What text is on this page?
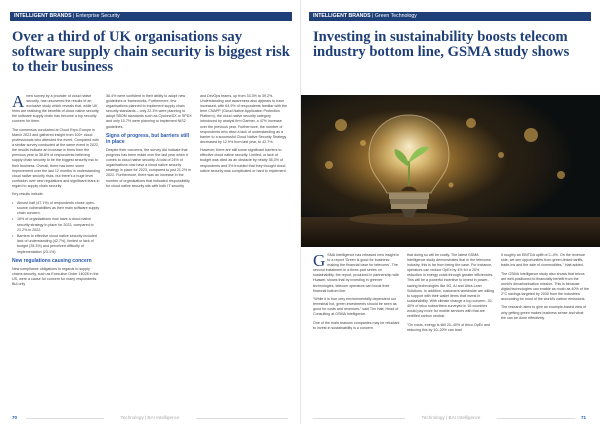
INTELLIGENT BRANDS | Enterprise Security
Over a third of UK organisations say software supply chain security is biggest risk to their business

Anew survey by a provider of cloud native security, has uncovered the results of an exclusive study which reveals that, while UK firms are realising the benefits of cloud native security, the software supply chain has become a top security concern for them.

The consensus conducted at Cloud Expo Europe in March 2023 and gathered insight from 100+ cloud professionals who attended the event. Compared with a similar survey conducted at the same event in 2022, the results indicate an increase in firms from the previous year to 36.8% of respondents believing supply chain security to be the biggest security risk to their business. Overall, there has been some improvement over the last 12 months in understanding cloud native security risks, but there's a huge level confusion over new regulations and significant fears in regard to supply chain security.

Key results include:

• Almost half (47.1%) of respondents chose open-source vulnerabilities as their main software supply chain concern.
• 16% of organisations now have a cloud native security strategy in place for 2023, compared to 21.2% in 2022.
• Barriers to effective cloud native security included lack of understanding (42.7%), limited or lack of budget (35.3%) and perceived difficulty of implementation (23.1%).
New regulations causing concern

New compliance obligations in regards to supply chains security, such as Executive Order 14028 in the US, were a cause for concern for many respondents. But only

36.4% were confident in their ability to adopt new guidelines or frameworks. Furthermore, few organisations planned to implement supply chain security standards – only 22.3% were planning to adopt SBOM standards such as CycloneDX or SPDX and only 10.7% were planning to implement NIS2 guidelines.

Signs of progress, but barriers still in place

Despite their concerns, the survey did indicate that progress has been made over the last year when it comes to cloud native security. A total of 24% of organisations now have a cloud native security strategy in place for 2023, compared to just 21.2% in 2022. Furthermore, there was an increase in the number of organisations that indicated responsibility for cloud native security sits with both IT security

and DevOps teams, up from 33.3% to 39.2%. Understanding and awareness also appears to have increased, with 64.9% of respondents familiar with the term CNAPP (Cloud Native Application Protection Platform), the cloud native security category introduced by analyst firm Gartner, a 47% increase over the previous year. Furthermore, the number of respondents who cited a lack of understanding as a barrier to a successful Cloud Native Security Strategy decreased by 12.9% from last year, to 42.7%.

However, there are still some significant barriers to effective cloud native security. Limited, or lack of budget was cited as an obstacle by nearly 35.3% of respondents and 3% troubled that they thought cloud native security was complicated or hard to implement.

70	Technology | BAI Intelligence
INTELLIGENT BRANDS | Green Technology
Investing in sustainability boosts telecom industry bottom line, GSMA study shows

GSMA Intelligence has released new insight in to a report 'Green is good for business: making the financial case for telecoms'. The second instalment in a three-part series on sustainability, the report, produced in partnership with Huawei, shows that by investing in greener technologies, telecom operators can boost their financial bottom line.

"While it is true very environmentally dependent our terrestrial hot, green investments should be seen as good for costs and revenues," said Tim Hatt, Head of Consulting at GSMA Intelligence.

One of the main reasons companies may be reluctant to invest in sustainability is a concern

that doing so will be costly. The latest GSMA Intelligence study demonstrates that in the telecoms industry, this is far from being the case. For instance, operators can reduce OpEx by 4% for a 20% reduction in energy costs through greater efficiencies. This will be a powerful incentive to invest in power-saving technologies like 5G, AI and Ultra-Lean Solutions. In addition, customers worldwide are willing to support with their wallet items that invest in sustainability. With climate change a top concern, 32-40% of telco subscribers surveyed in 16 countries would pay more for mobile services with that are certified carbon neutral.

"On costs, energy is still 20–40% of telco OpEx and reducing this by 10–20% can lead

it roughly an EBITDA uplift of 2–4%. On the revenue side, we see opportunities from green-linked tariffs, trade-ins and the sale of commodities," Hatt added.

The GSMA Intelligence study also shows that telcos are well-positioned to financially benefit from the world's decarbonisation mission. This is because digital technologies can enable as much as 40% of the 2°C savings targeted by 2030 from the industries accounting for most of the world's carbon emissions.

The research aims to give an example-based view of why getting green makes business sense and what the can be done effectively.

Technology | BAI Intelligence	71
